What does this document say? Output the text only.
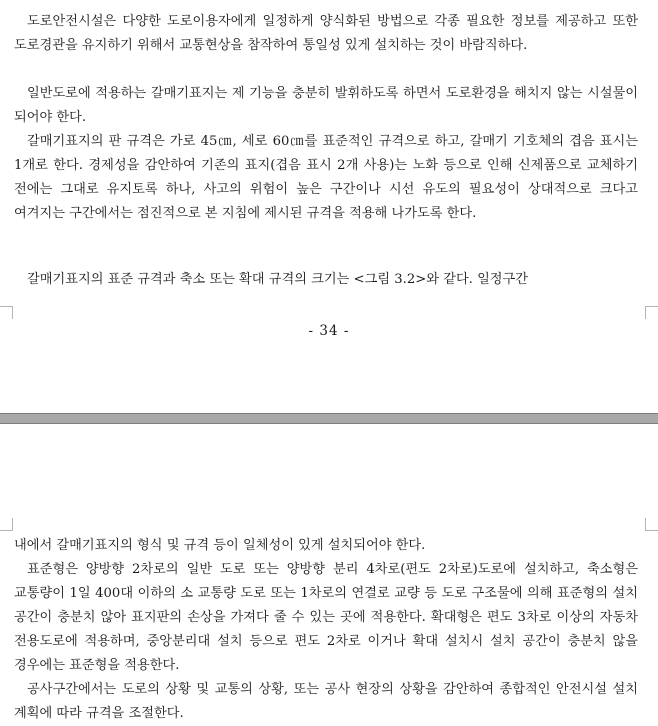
도로안전시설은 다양한 도로이용자에게 일정하게 양식화된 방법으로 각종 필요한 정보를 제공하고 또한 도로경관을 유지하기 위해서 교통현상을 참작하여 통일성 있게 설치하는 것이 바람직하다.

일반도로에 적용하는 갈매기표지는 제 기능을 충분히 발휘하도록 하면서 도로환경을 해치지 않는 시설물이 되어야 한다.

갈매기표지의 판 규격은 가로 45㎝, 세로 60㎝를 표준적인 규격으로 하고, 갈매기 기호체의 겹음 표시는 1개로 한다. 경제성을 감안하여 기존의 표지(겹음 표시 2개 사용)는 노화 등으로 인해 신제품으로 교체하기 전에는 그대로 유지토록 하나, 사고의 위험이 높은 구간이나 시선 유도의 필요성이 상대적으로 크다고 여겨지는 구간에서는 점진적으로 본 지침에 제시된 규격을 적용해 나가도록 한다.

갈매기표지의 표준 규격과 축소 또는 확대 규격의 크기는 <그림 3.2>와 같다. 일정구간

- 34 -

내에서 갈매기표지의 형식 및 규격 등이 일체성이 있게 설치되어야 한다.

표준형은 양방향 2차로의 일반 도로 또는 양방향 분리 4차로(편도 2차로)도로에 설치하고, 축소형은 교통량이 1일 400대 이하의 소 교통량 도로 또는 1차로의 연결로 교량 등 도로 구조물에 의해 표준형의 설치 공간이 충분치 않아 표지판의 손상을 가져다 줄 수 있는 곳에 적용한다. 확대형은 편도 3차로 이상의 자동차 전용도로에 적용하며, 중앙분리대 설치 등으로 편도 2차로 이거나 확대 설치시 설치 공간이 충분치 않을 경우에는 표준형을 적용한다.

공사구간에서는 도로의 상황 및 교통의 상황, 또는 공사 현장의 상황을 감안하여 종합적인 안전시설 설치 계획에 따라 규격을 조절한다.
